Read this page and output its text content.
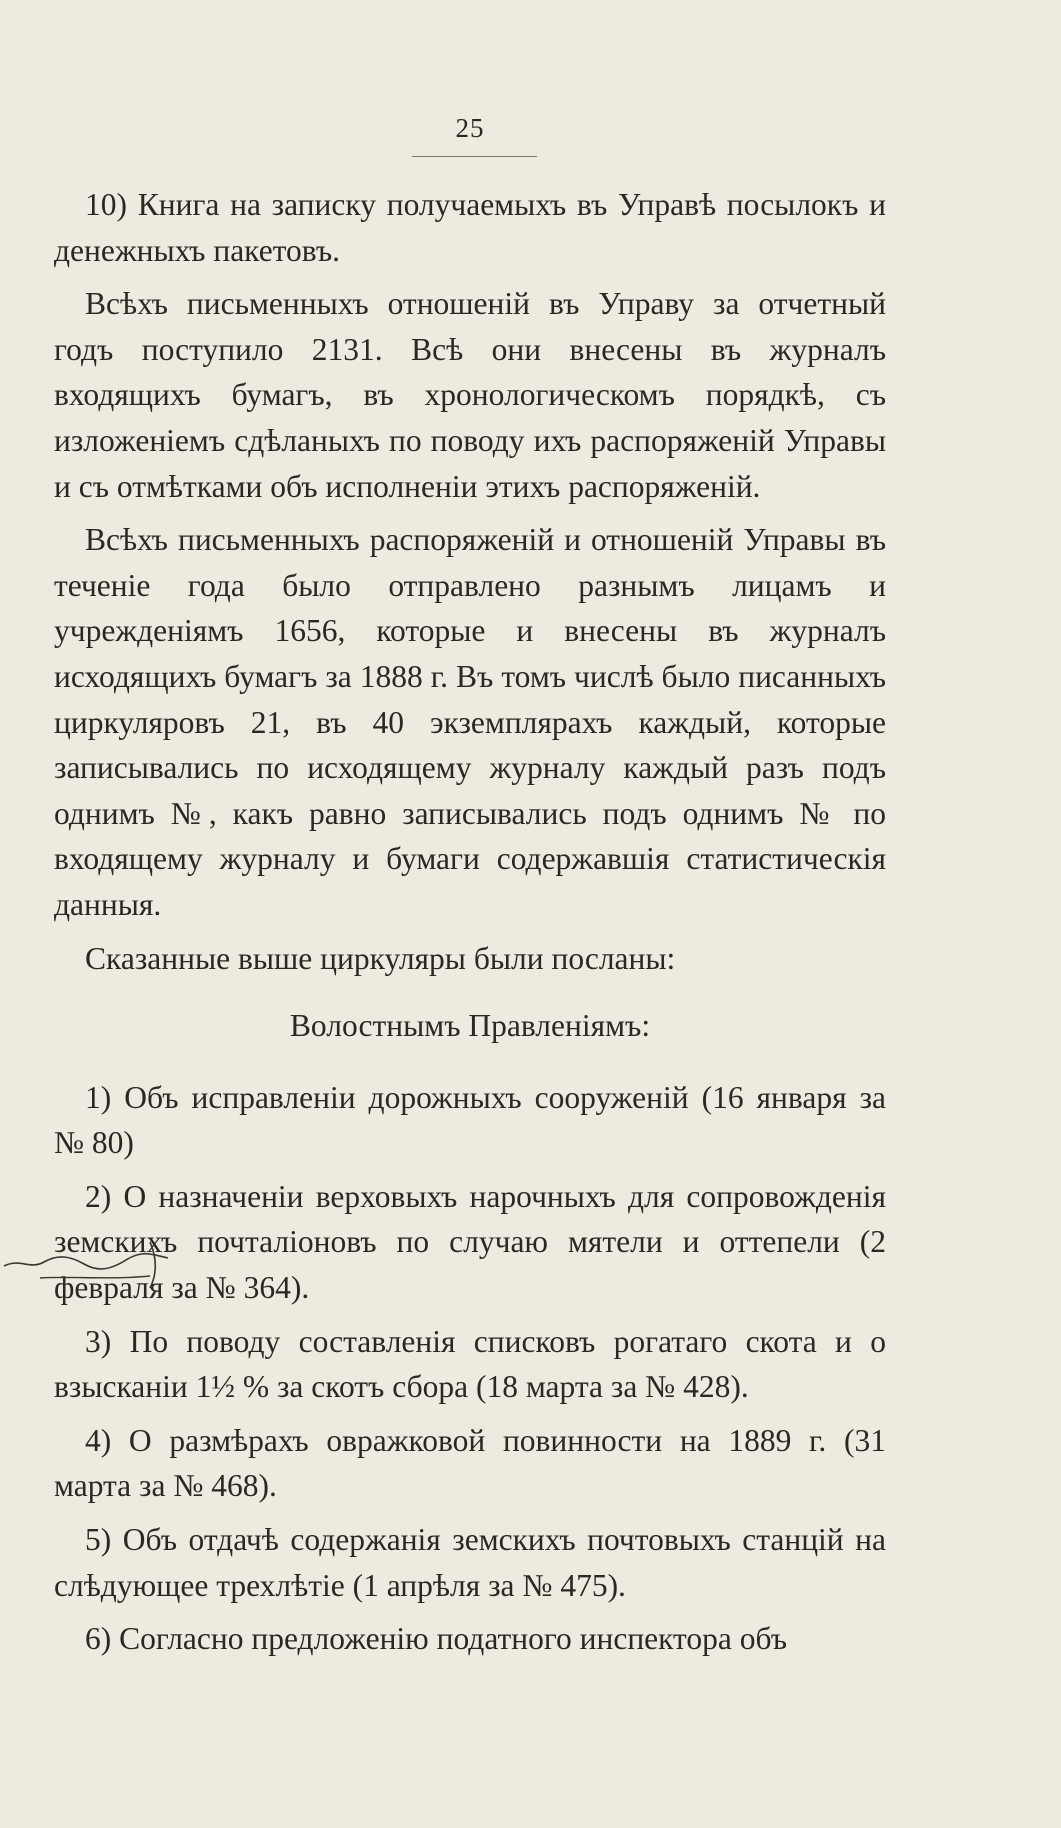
25

10) Книга на записку получаемыхъ въ Управѣ посылокъ и денежныхъ пакетовъ.

Всѣхъ письменныхъ отношенiй въ Управу за отчетный годъ поступило 2131. Всѣ они внесены въ журналъ входящихъ бумагъ, въ хронологическомъ порядкѣ, съ изложенiемъ сдѣланыхъ по поводу ихъ распоряженiй Управы и съ отмѣтками объ исполненiи этихъ распоряженiй.

Всѣхъ письменныхъ распоряженiй и отношенiй Управы въ теченiе года было отправлено разнымъ лицамъ и учрежденiямъ 1656, которые и внесены въ журналъ исходящихъ бумагъ за 1888 г. Въ томъ числѣ было писанныхъ циркуляровъ 21, въ 40 экземплярахъ каждый, которые записывались по исходящему журналу каждый разъ подъ однимъ №, какъ равно записывались подъ однимъ № по входящему журналу и бумаги содержавшiя статистическiя данныя.

Сказанные выше циркуляры были посланы:

Волостнымъ Правленiямъ:

1) Объ исправленiи дорожныхъ сооруженiй (16 января за № 80)

2) О назначенiи верховыхъ нарочныхъ для сопровожденiя земскихъ почталiоновъ по случаю мятели и оттепели (2 февраля за № 364).

3) По поводу составленiя списковъ рогатаго скота и о взысканiи 1½ % за скотъ сбора (18 марта за № 428).

4) О размѣрахъ овражковой повинности на 1889 г. (31 марта за № 468).

5) Объ отдачѣ содержанiя земскихъ почтовыхъ станцiй на слѣдующее трехлѣтiе (1 апрѣля за № 475).

6) Согласно предложенiю податного инспектора объ
